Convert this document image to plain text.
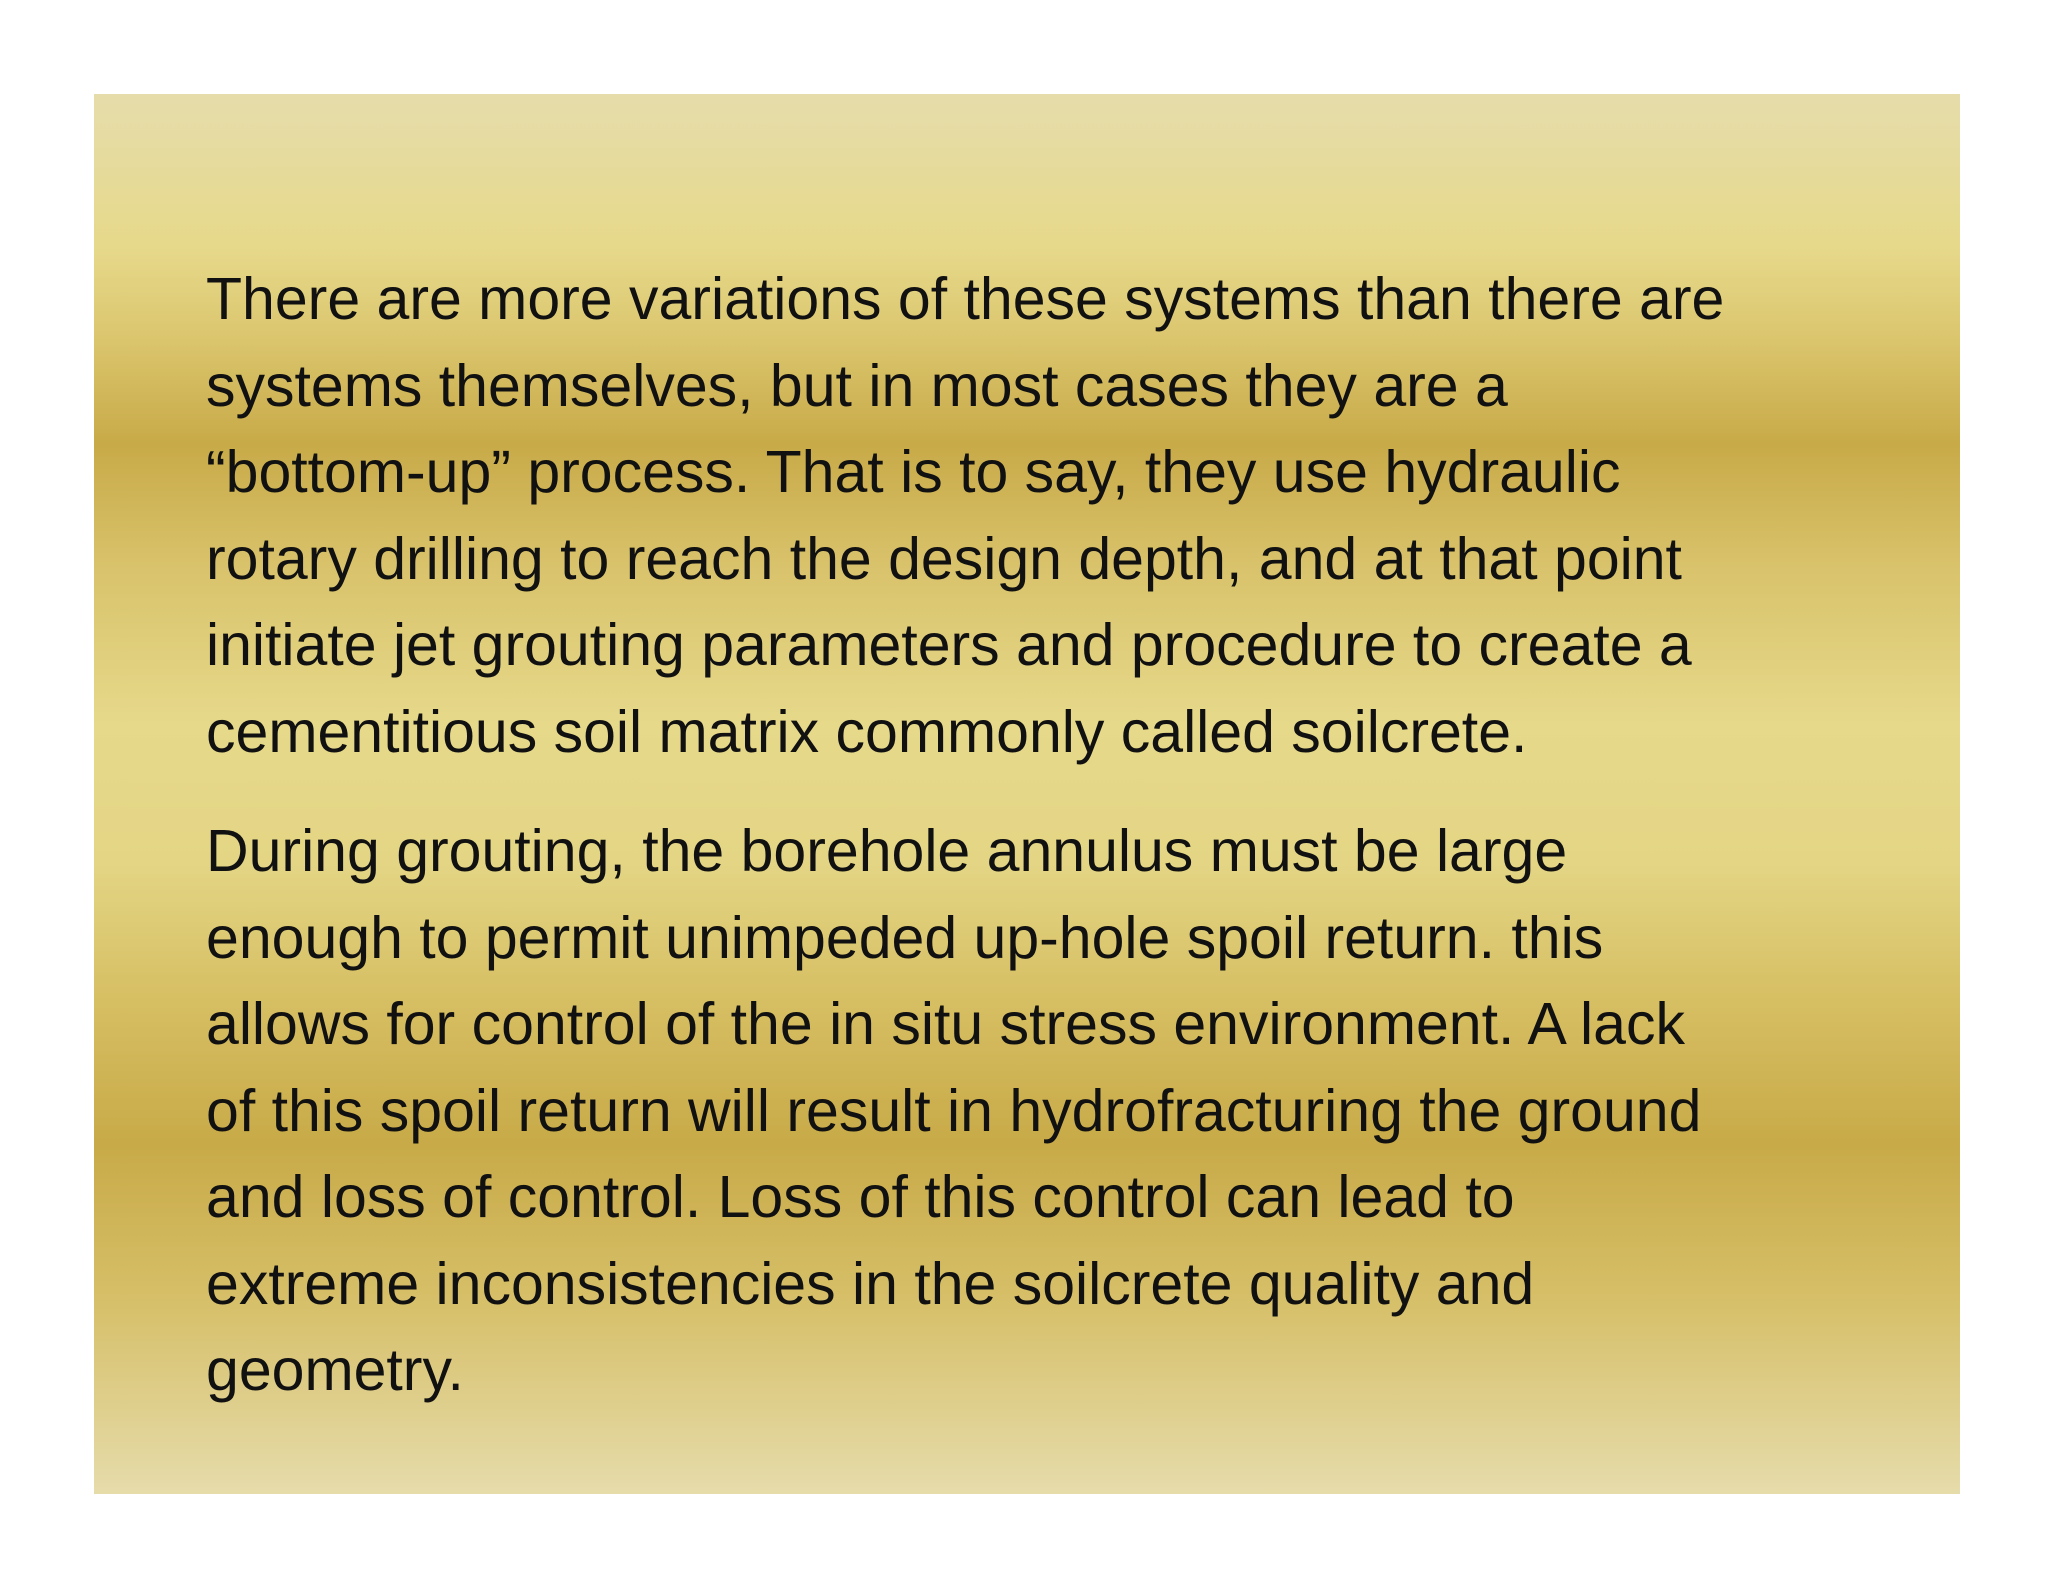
There are more variations of these systems than there are
systems themselves, but in most cases they are a
“bottom-up” process. That is to say, they use hydraulic
rotary drilling to reach the design depth, and at that point
initiate jet grouting parameters and procedure to create a
cementitious soil matrix commonly called soilcrete.

During grouting, the borehole annulus must be large
enough to permit unimpeded up-hole spoil return. this
allows for control of the in situ stress environment. A lack
of this spoil return will result in hydrofracturing the ground
and loss of control. Loss of this control can lead to
extreme inconsistencies in the soilcrete quality and
geometry.
